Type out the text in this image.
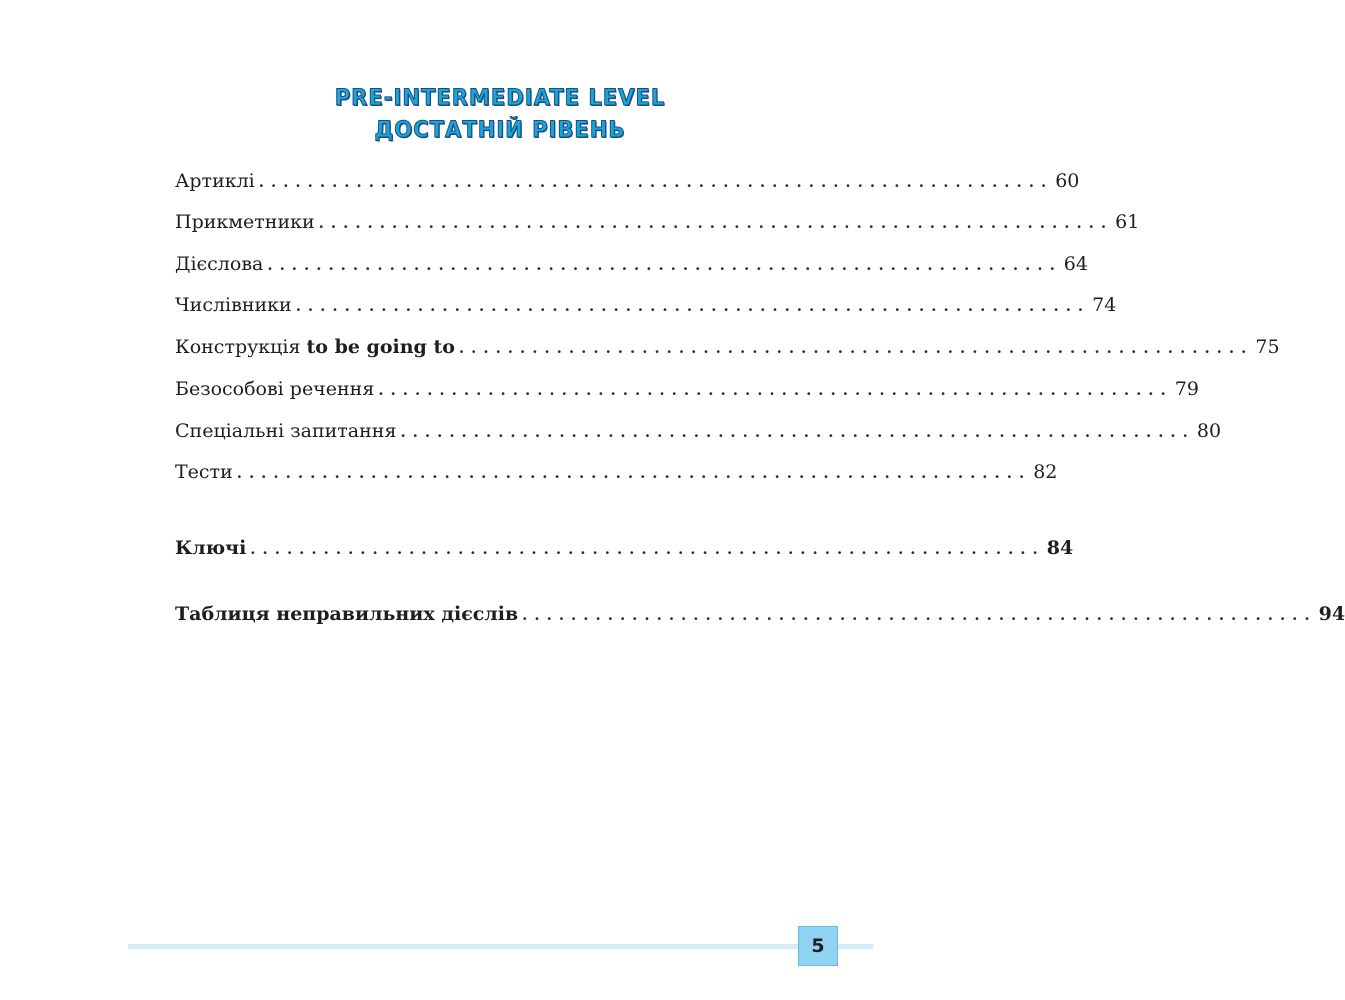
PRE-INTERMEDIATE LEVEL
ДОСТАТНІЙ РІВЕНЬ
Артиклі ................................................................. 60
Прикметники ................................................................. 61
Дієслова ................................................................. 64
Числівники ................................................................. 74
Конструкція to be going to ................................................................. 75
Безособові речення ................................................................. 79
Спеціальні запитання ................................................................. 80
Тести ................................................................. 82
Ключі ................................................................. 84
Таблиця неправильних дієслів ................................................................. 94
5
